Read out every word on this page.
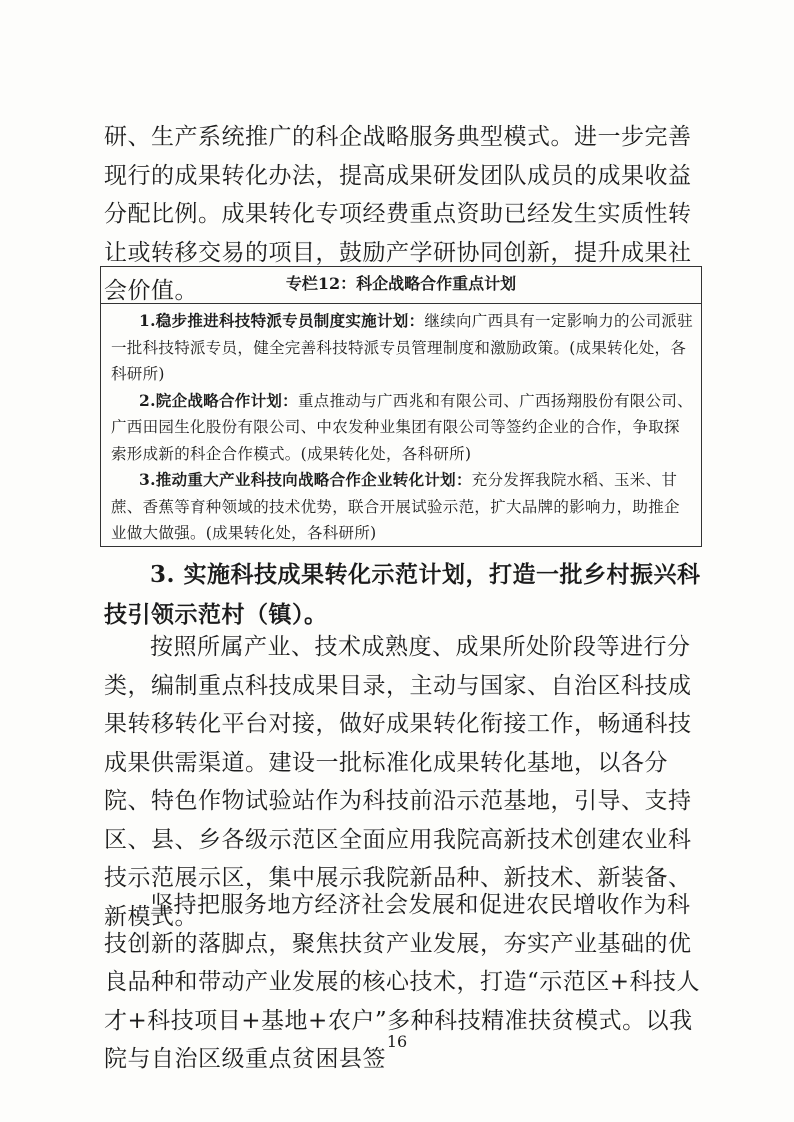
研、生产系统推广的科企战略服务典型模式。进一步完善现行的成果转化办法，提高成果研发团队成员的成果收益分配比例。成果转化专项经费重点资助已经发生实质性转让或转移交易的项目，鼓励产学研协同创新，提升成果社会价值。	专栏12：科企战略合作重点计划

1.稳步推进科技特派专员制度实施计划：继续向广西具有一定影响力的公司派驻一批科技特派专员，健全完善科技特派专员管理制度和激励政策。(成果转化处，各科研所)

2.院企战略合作计划：重点推动与广西兆和有限公司、广西扬翔股份有限公司、广西田园生化股份有限公司、中农发种业集团有限公司等签约企业的合作，争取探索形成新的科企合作模式。(成果转化处，各科研所)

3.推动重大产业科技向战略合作企业转化计划：充分发挥我院水稻、玉米、甘蔗、香蕉等育种领域的技术优势，联合开展试验示范，扩大品牌的影响力，助推企业做大做强。(成果转化处，各科研所)

3. 实施科技成果转化示范计划，打造一批乡村振兴科技引领示范村（镇）。

按照所属产业、技术成熟度、成果所处阶段等进行分类，编制重点科技成果目录，主动与国家、自治区科技成果转移转化平台对接，做好成果转化衔接工作，畅通科技成果供需渠道。建设一批标准化成果转化基地，以各分院、特色作物试验站作为科技前沿示范基地，引导、支持区、县、乡各级示范区全面应用我院高新技术创建农业科技示范展示区，集中展示我院新品种、新技术、新装备、新模式。

坚持把服务地方经济社会发展和促进农民增收作为科技创新的落脚点，聚焦扶贫产业发展，夯实产业基础的优良品种和带动产业发展的核心技术，打造“示范区+科技人才+科技项目+基地+农户”多种科技精准扶贫模式。以我院与自治区级重点贫困县签

16
